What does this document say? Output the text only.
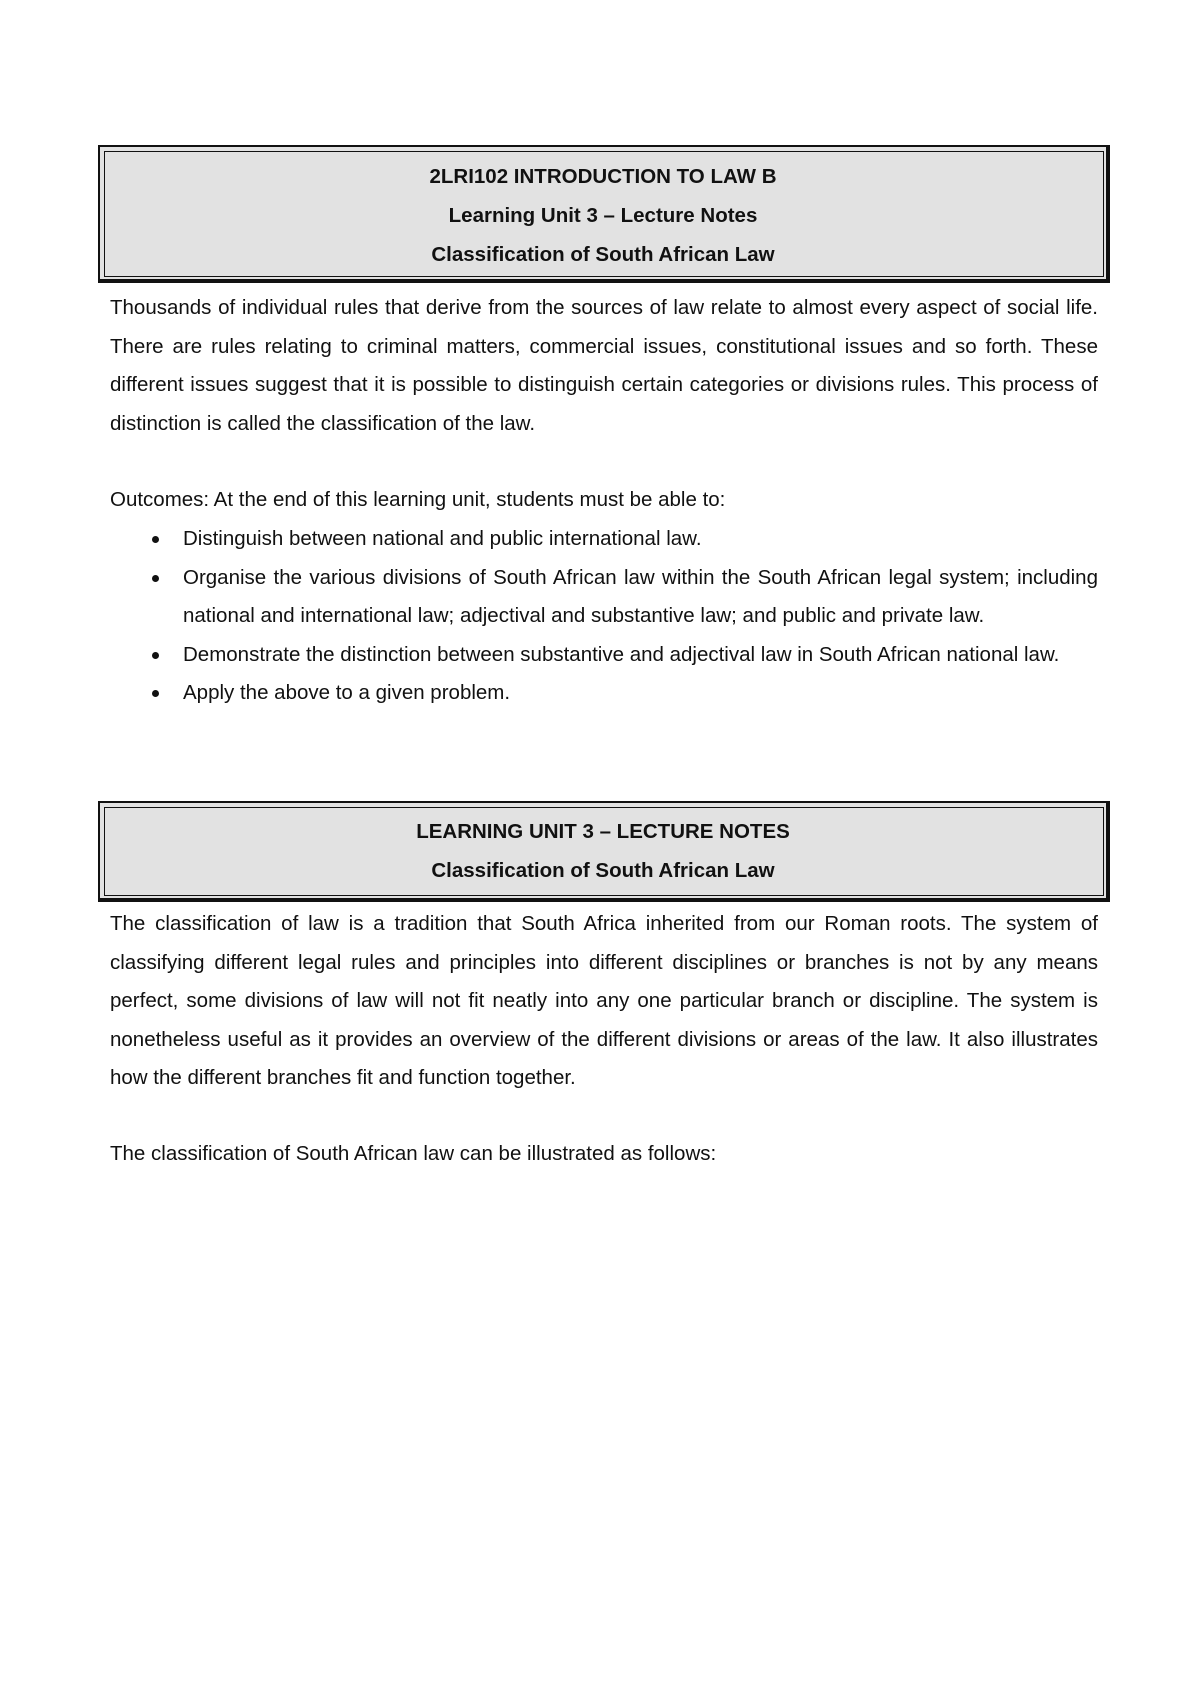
2LRI102 INTRODUCTION TO LAW B
Learning Unit 3 – Lecture Notes
Classification of South African Law

Thousands of individual rules that derive from the sources of law relate to almost every aspect of social life. There are rules relating to criminal matters, commercial issues, constitutional issues and so forth. These different issues suggest that it is possible to distinguish certain categories or divisions rules. This process of distinction is called the classification of the law.

Outcomes: At the end of this learning unit, students must be able to:

Distinguish between national and public international law.
Organise the various divisions of South African law within the South African legal system; including national and international law; adjectival and substantive law; and public and private law.
Demonstrate the distinction between substantive and adjectival law in South African national law.
Apply the above to a given problem.
LEARNING UNIT 3 – LECTURE NOTES
Classification of South African Law

The classification of law is a tradition that South Africa inherited from our Roman roots. The system of classifying different legal rules and principles into different disciplines or branches is not by any means perfect, some divisions of law will not fit neatly into any one particular branch or discipline. The system is nonetheless useful as it provides an overview of the different divisions or areas of the law. It also illustrates how the different branches fit and function together.

The classification of South African law can be illustrated as follows:
